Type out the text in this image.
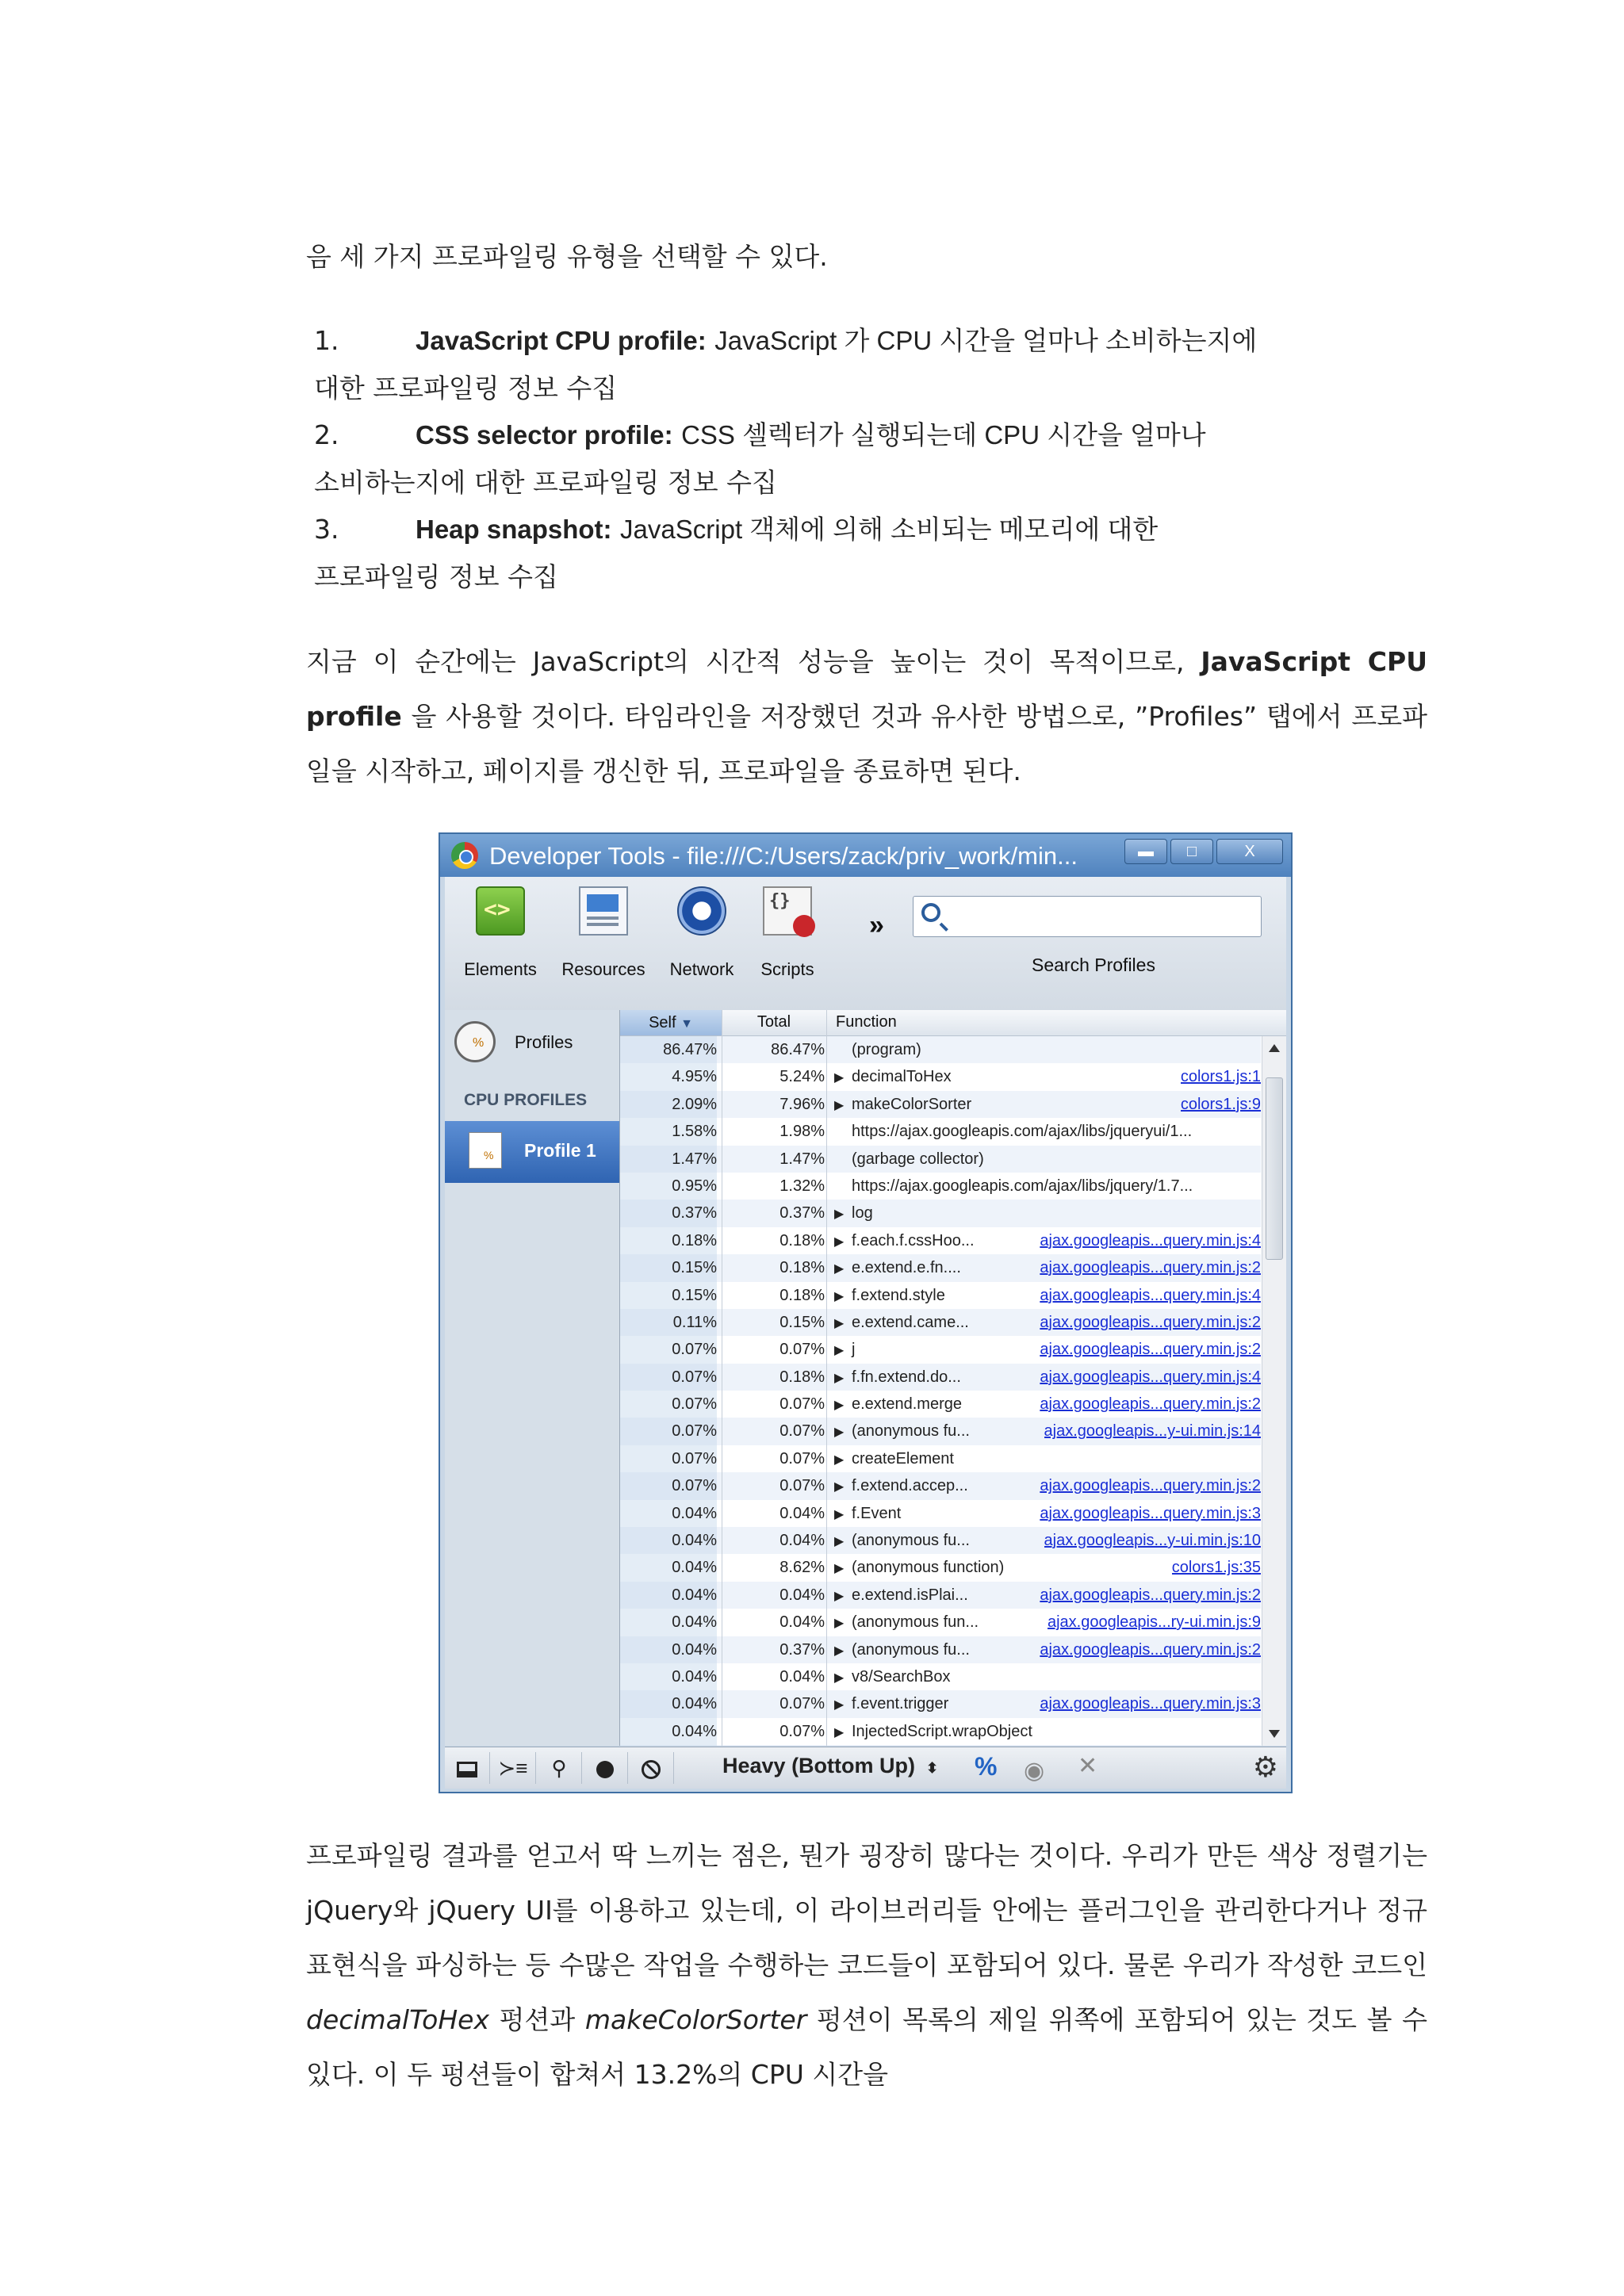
음 세 가지 프로파일링 유형을 선택할 수 있다.
1.	JavaScript CPU profile: JavaScript 가 CPU 시간을 얼마나 소비하는지에
대한 프로파일링 정보 수집
2.	CSS selector profile: CSS 셀렉터가 실행되는데 CPU 시간을 얼마나
소비하는지에 대한 프로파일링 정보 수집
3.	Heap snapshot: JavaScript 객체에 의해 소비되는 메모리에 대한
프로파일링 정보 수집

지금 이 순간에는 JavaScript의 시간적 성능을 높이는 것이 목적이므로, JavaScript CPU profile 을 사용할 것이다. 타임라인을 저장했던 것과 유사한 방법으로, ”Profiles” 탭에서 프로파일을 시작하고, 페이지를 갱신한 뒤, 프로파일을 종료하면 된다.

Developer Tools - file:///C:/Users/zack/priv_work/min...	▬	□	X
<>
Elements	Resources	Network
{}	Scripts
»
Search Profiles
%
Profiles
CPU PROFILES
%
Profile 1
Self ▼	Total	Function
86.47%	86.47%	(program)
4.95%	5.24% ▶ decimalToHex	colors1.js:1
2.09%	7.96% ▶ makeColorSorter	colors1.js:9
1.58%	1.98%	https://ajax.googleapis.com/ajax/libs/jqueryui/1...
1.47%	1.47%	(garbage collector)
0.95%	1.32%	https://ajax.googleapis.com/ajax/libs/jquery/1.7...
0.37%	0.37% ▶ log
0.18%	0.18% ▶ f.each.f.cssHoo...	ajax.googleapis...query.min.js:4
0.15%	0.18% ▶ e.extend.e.fn....	ajax.googleapis...query.min.js:2
0.15%	0.18% ▶ f.extend.style	ajax.googleapis...query.min.js:4
0.11%	0.15% ▶ e.extend.came...	ajax.googleapis...query.min.js:2
0.07%	0.07% ▶ j	ajax.googleapis...query.min.js:2
0.07%	0.18% ▶ f.fn.extend.do...	ajax.googleapis...query.min.js:4
0.07%	0.07% ▶ e.extend.merge	ajax.googleapis...query.min.js:2
0.07%	0.07% ▶ (anonymous fu...	ajax.googleapis...y-ui.min.js:14
0.07%	0.07% ▶ createElement
0.07%	0.07% ▶ f.extend.accep...	ajax.googleapis...query.min.js:2
0.04%	0.04% ▶ f.Event	ajax.googleapis...query.min.js:3
0.04%	0.04% ▶ (anonymous fu...	ajax.googleapis...y-ui.min.js:10
0.04%	8.62% ▶ (anonymous function)	colors1.js:35
0.04%	0.04% ▶ e.extend.isPlai...	ajax.googleapis...query.min.js:2
0.04%	0.04% ▶ (anonymous fun...	ajax.googleapis...ry-ui.min.js:9
0.04%	0.37% ▶ (anonymous fu...	ajax.googleapis...query.min.js:2
0.04%	0.04% ▶ v8/SearchBox
0.04%	0.07% ▶ f.event.trigger	ajax.googleapis...query.min.js:3
0.04%	0.07% ▶ InjectedScript.wrapObject
≻≡	⚲	Heavy (Bottom Up) ⬍ % ◉ ✕	⚙

프로파일링 결과를 얻고서 딱 느끼는 점은, 뭔가 굉장히 많다는 것이다. 우리가 만든 색상 정렬기는 jQuery와 jQuery UI를 이용하고 있는데, 이 라이브러리들 안에는 플러그인을 관리한다거나 정규표현식을 파싱하는 등 수많은 작업을 수행하는 코드들이 포함되어 있다. 물론 우리가 작성한 코드인 decimalToHex 펑션과 makeColorSorter 펑션이 목록의 제일 위쪽에 포함되어 있는 것도 볼 수 있다. 이 두 펑션들이 합쳐서 13.2%의 CPU 시간을
